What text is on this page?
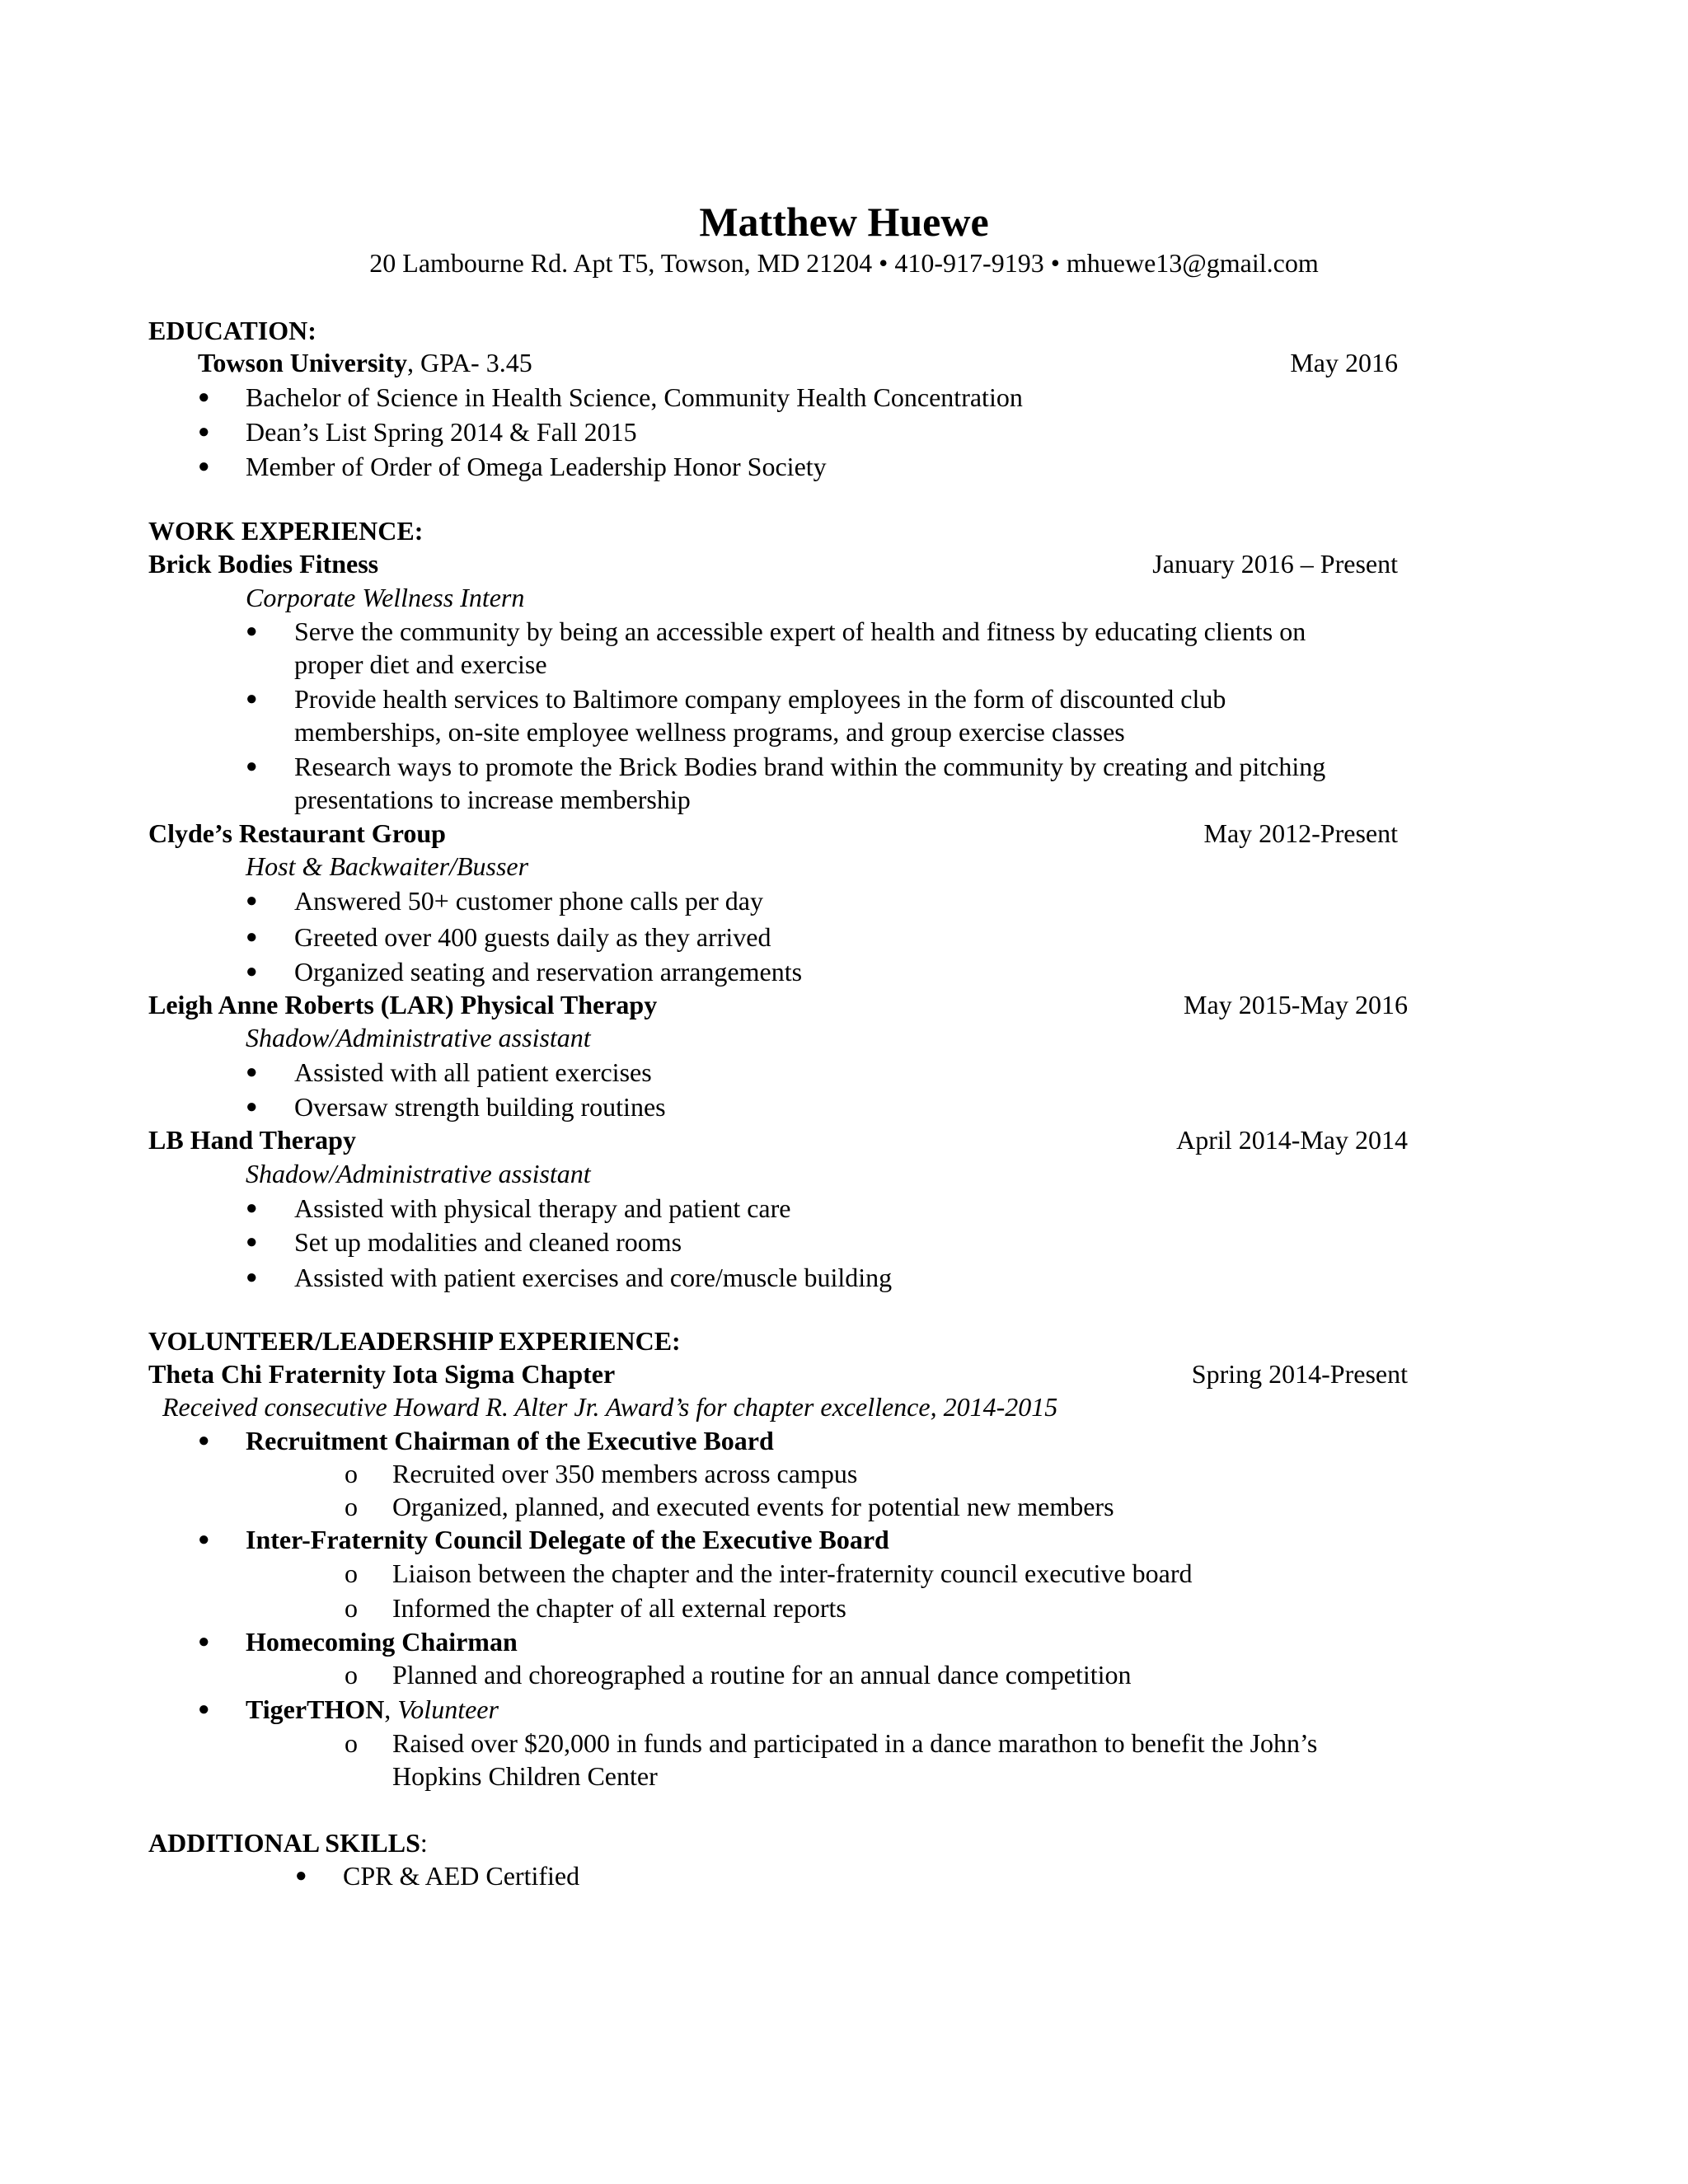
Matthew Huewe
20 Lambourne Rd. Apt T5, Towson, MD 21204 • 410-917-9193 • mhuewe13@gmail.com
EDUCATION:
Towson University, GPA- 3.45	May 2016
● Bachelor of Science in Health Science, Community Health Concentration
● Dean’s List Spring 2014 & Fall 2015
● Member of Order of Omega Leadership Honor Society
WORK EXPERIENCE:
Brick Bodies Fitness	January 2016 – Present
Corporate Wellness Intern
● Serve the community by being an accessible expert of health and fitness by educating clients on
proper diet and exercise
● Provide health services to Baltimore company employees in the form of discounted club
memberships, on-site employee wellness programs, and group exercise classes
● Research ways to promote the Brick Bodies brand within the community by creating and pitching
presentations to increase membership
Clyde’s Restaurant Group	May 2012-Present
Host & Backwaiter/Busser
● Answered 50+ customer phone calls per day
● Greeted over 400 guests daily as they arrived
● Organized seating and reservation arrangements
Leigh Anne Roberts (LAR) Physical Therapy	May 2015-May 2016
Shadow/Administrative assistant
● Assisted with all patient exercises
● Oversaw strength building routines
LB Hand Therapy	April 2014-May 2014
Shadow/Administrative assistant
● Assisted with physical therapy and patient care
● Set up modalities and cleaned rooms
● Assisted with patient exercises and core/muscle building
VOLUNTEER/LEADERSHIP EXPERIENCE:
Theta Chi Fraternity Iota Sigma Chapter	Spring 2014-Present
Received consecutive Howard R. Alter Jr. Award’s for chapter excellence, 2014-2015
● Recruitment Chairman of the Executive Board
o Recruited over 350 members across campus
o Organized, planned, and executed events for potential new members
● Inter-Fraternity Council Delegate of the Executive Board
o Liaison between the chapter and the inter-fraternity council executive board
o Informed the chapter of all external reports
● Homecoming Chairman
o Planned and choreographed a routine for an annual dance competition
● TigerTHON, Volunteer
o Raised over $20,000 in funds and participated in a dance marathon to benefit the John’s
Hopkins Children Center
ADDITIONAL SKILLS:
● CPR & AED Certified
